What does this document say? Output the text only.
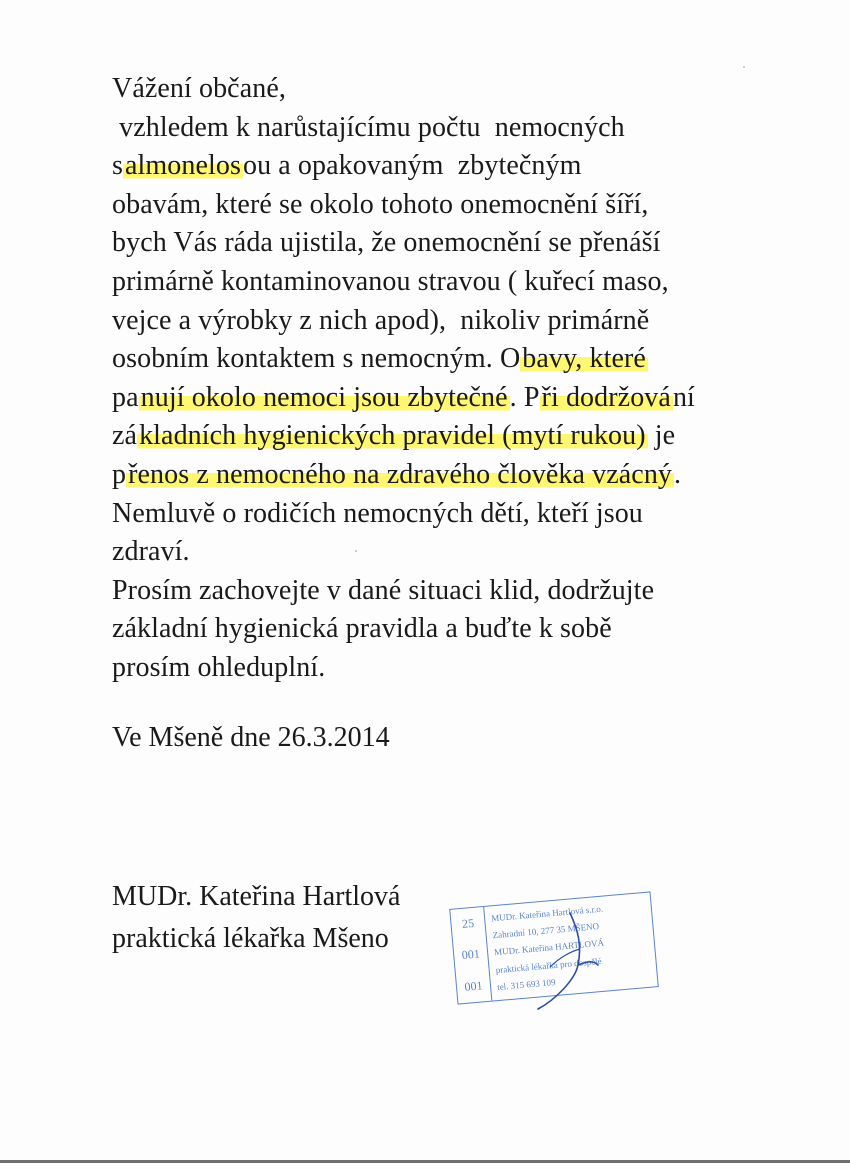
Vážení občané,
vzhledem k narůstajícímu počtu  nemocných
salmonelosou a opakovaným  zbytečným
obavám, které se okolo tohoto onemocnění šíří,
bych Vás ráda ujistila, že onemocnění se přenáší
primárně kontaminovanou stravou ( kuřecí maso,
vejce a výrobky z nich apod),  nikoliv primárně
osobním kontaktem s nemocným. Obavy, které
panují okolo nemoci jsou zbytečné. Při dodržování
základních hygienických pravidel (mytí rukou) je
přenos z nemocného na zdravého člověka vzácný.
Nemluvě o rodičích nemocných dětí, kteří jsou
zdraví.
Prosím zachovejte v dané situaci klid, dodržujte
základní hygienická pravidla a buďte k sobě
prosím ohleduplní.
Ve Mšeně dne 26.3.2014
MUDr. Kateřina Hartlová
praktická lékařka Mšeno	25
001
001
MUDr. Kateřina Hartlová s.r.o.
Zahradní 10, 277 35 MŠENO
MUDr. Kateřina HARTLOVÁ
praktická lékařka pro dospělé
tel. 315 693 109
